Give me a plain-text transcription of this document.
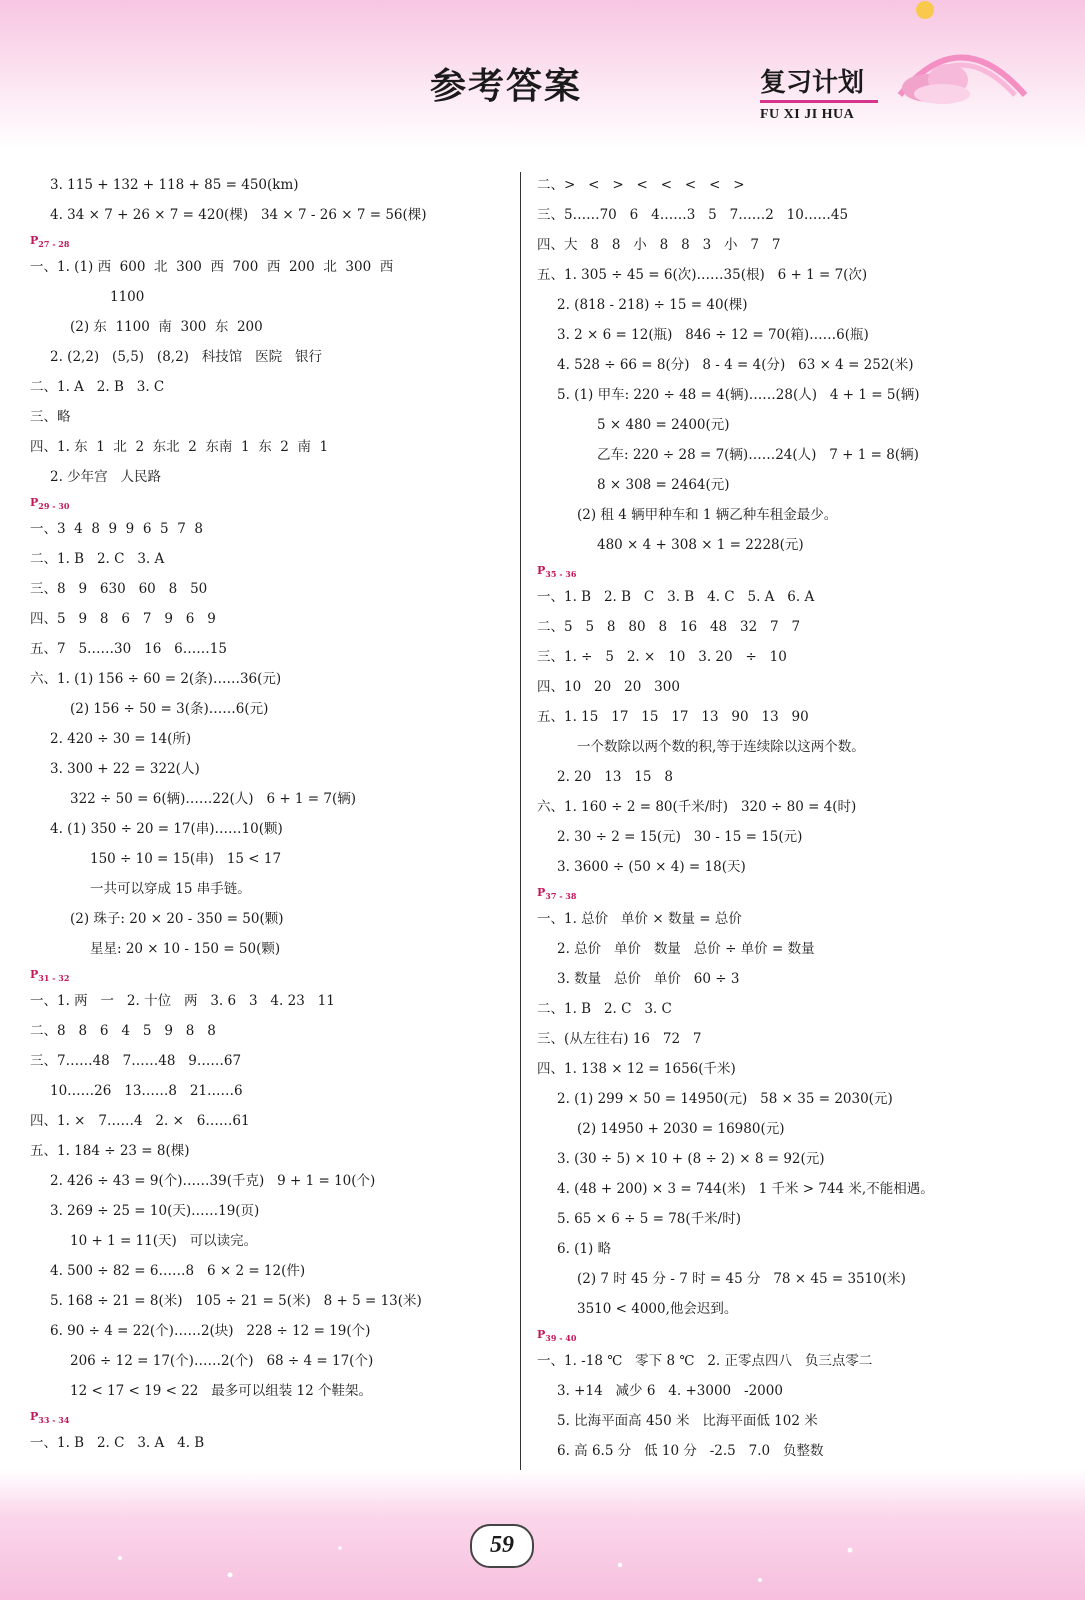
参考答案	复习计划
FU XI JI HUA
3. 115 + 132 + 118 + 85 = 450(km)
4. 34 × 7 + 26 × 7 = 420(棵)   34 × 7 - 26 × 7 = 56(棵)
$P_{27 - 28}$
一、1. (1) 西  600  北  300  西  700  西  200  北  300  西
1100
(2) 东  1100  南  300  东  200
2. (2,2)   (5,5)   (8,2)   科技馆   医院   银行
二、1. A   2. B   3. C
三、略
四、1. 东  1  北  2  东北  2  东南  1  东  2  南  1
2. 少年宫   人民路
$P_{29 - 30}$
一、3  4  8  9  9  6  5  7  8
二、1. B   2. C   3. A
三、8   9   630   60   8   50
四、5   9   8   6   7   9   6   9
五、7   5……30   16   6……15
六、1. (1) 156 ÷ 60 = 2(条)……36(元)
(2) 156 ÷ 50 = 3(条)……6(元)
2. 420 ÷ 30 = 14(所)
3. 300 + 22 = 322(人)
322 ÷ 50 = 6(辆)……22(人)   6 + 1 = 7(辆)
4. (1) 350 ÷ 20 = 17(串)……10(颗)
150 ÷ 10 = 15(串)   15 < 17
一共可以穿成 15 串手链。
(2) 珠子: 20 × 20 - 350 = 50(颗)
星星: 20 × 10 - 150 = 50(颗)
$P_{31 - 32}$
一、1. 两   一   2. 十位   两   3. 6   3   4. 23   11
二、8   8   6   4   5   9   8   8
三、7……48   7……48   9……67
10……26   13……8   21……6
四、1. ×   7……4   2. ×   6……61
五、1. 184 ÷ 23 = 8(棵)
2. 426 ÷ 43 = 9(个)……39(千克)   9 + 1 = 10(个)
3. 269 ÷ 25 = 10(天)……19(页)
10 + 1 = 11(天)   可以读完。
4. 500 ÷ 82 = 6……8   6 × 2 = 12(件)
5. 168 ÷ 21 = 8(米)   105 ÷ 21 = 5(米)   8 + 5 = 13(米)
6. 90 ÷ 4 = 22(个)……2(块)   228 ÷ 12 = 19(个)
206 ÷ 12 = 17(个)……2(个)   68 ÷ 4 = 17(个)
12 < 17 < 19 < 22   最多可以组装 12 个鞋架。
$P_{33 - 34}$
一、1. B   2. C   3. A   4. B
二、>   <   >   <   <   <   <   >
三、5……70   6   4……3   5   7……2   10……45
四、大   8   8   小   8   8   3   小   7   7
五、1. 305 ÷ 45 = 6(次)……35(根)   6 + 1 = 7(次)
2. (818 - 218) ÷ 15 = 40(棵)
3. 2 × 6 = 12(瓶)   846 ÷ 12 = 70(箱)……6(瓶)
4. 528 ÷ 66 = 8(分)   8 - 4 = 4(分)   63 × 4 = 252(米)
5. (1) 甲车: 220 ÷ 48 = 4(辆)……28(人)   4 + 1 = 5(辆)
5 × 480 = 2400(元)
乙车: 220 ÷ 28 = 7(辆)……24(人)   7 + 1 = 8(辆)
8 × 308 = 2464(元)
(2) 租 4 辆甲种车和 1 辆乙种车租金最少。
480 × 4 + 308 × 1 = 2228(元)
$P_{35 - 36}$
一、1. B   2. B   C   3. B   4. C   5. A   6. A
二、5   5   8   80   8   16   48   32   7   7
三、1. ÷   5   2. ×   10   3. 20   ÷   10
四、10   20   20   300
五、1. 15   17   15   17   13   90   13   90
一个数除以两个数的积,等于连续除以这两个数。
2. 20   13   15   8
六、1. 160 ÷ 2 = 80(千米/时)   320 ÷ 80 = 4(时)
2. 30 ÷ 2 = 15(元)   30 - 15 = 15(元)
3. 3600 ÷ (50 × 4) = 18(天)
$P_{37 - 38}$
一、1. 总价   单价 × 数量 = 总价
2. 总价   单价   数量   总价 ÷ 单价 = 数量
3. 数量   总价   单价   60 ÷ 3
二、1. B   2. C   3. C
三、(从左往右) 16   72   7
四、1. 138 × 12 = 1656(千米)
2. (1) 299 × 50 = 14950(元)   58 × 35 = 2030(元)
(2) 14950 + 2030 = 16980(元)
3. (30 ÷ 5) × 10 + (8 ÷ 2) × 8 = 92(元)
4. (48 + 200) × 3 = 744(米)   1 千米 > 744 米,不能相遇。
5. 65 × 6 ÷ 5 = 78(千米/时)
6. (1) 略
(2) 7 时 45 分 - 7 时 = 45 分   78 × 45 = 3510(米)
3510 < 4000,他会迟到。
$P_{39 - 40}$
一、1. -18 ℃   零下 8 ℃   2. 正零点四八   负三点零二
3. +14   减少 6   4. +3000   -2000
5. 比海平面高 450 米   比海平面低 102 米
6. 高 6.5 分   低 10 分   -2.5   7.0   负整数
59
